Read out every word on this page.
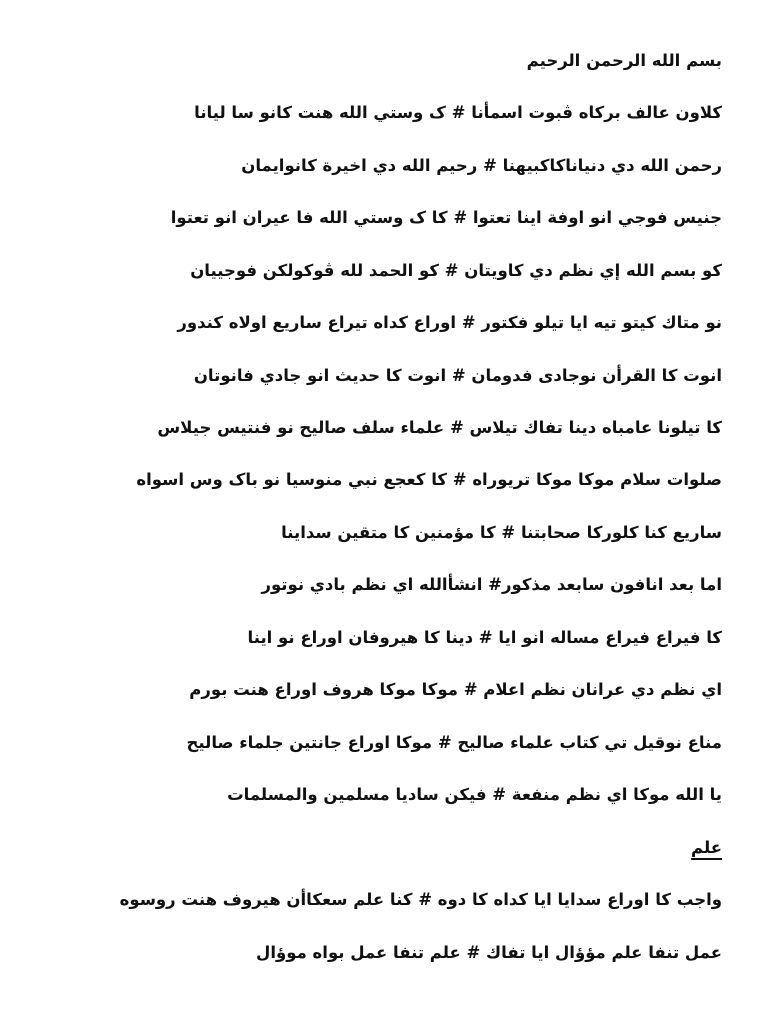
بسم الله الرحمن الرحيم
كلاون عالف بركاه ڤبوت اسمأنا # ک وستي الله هنت كانو سا ليانا
رحمن الله دي دنياناكاكبيهنا # رحيم الله دي اخيرة كانوايمان
جنيس فوجي انو اوفة اينا تعتوا # كا ک وستي الله فا عيران انو تعتوا
كو بسم الله إي نظم دي كاويتان # كو الحمد لله ڤوكولكن فوجييان
نو متاك كيتو تيه ايا تيلو فكتور # اوراع كداه تيراع ساريع اولاه كندور
انوت كا القرأن نوجادى فدومان # انوت كا حديث انو جادي فانوتان
كا تيلونا عامباه دينا تفاك تيلاس # علماء سلف صاليح نو فنتيس جيلاس
صلوات سلام موكا موكا تريوراه # كا كعجع نبي منوسيا نو باک وس اسواه
ساريع كنا كلوركا صحابتنا # كا مؤمنين كا متقين سداينا
اما بعد انافون سابعد مذكور# انشأالله اي نظم بادي نوتور
كا فيراع فيراع مساله انو ايا # دينا كا هيروفان اوراع نو اينا
اي نظم دي عرانان نظم اعلام # موكا موكا هروف اوراع هنت بورم
مناع نوقيل تي كتاب علماء صاليح # موكا اوراع جانتين جلماء صاليح
يا الله موكا اي نظم منفعة # فيكن ساديا مسلمين والمسلمات
علم
واجب كا اوراع سدايا ايا كداه کا دوه # كنا علم سعكاأن هيروف هنت روسوه
عمل تنفا علم مؤؤال ايا تفاك # علم تنفا عمل بواه موؤال
